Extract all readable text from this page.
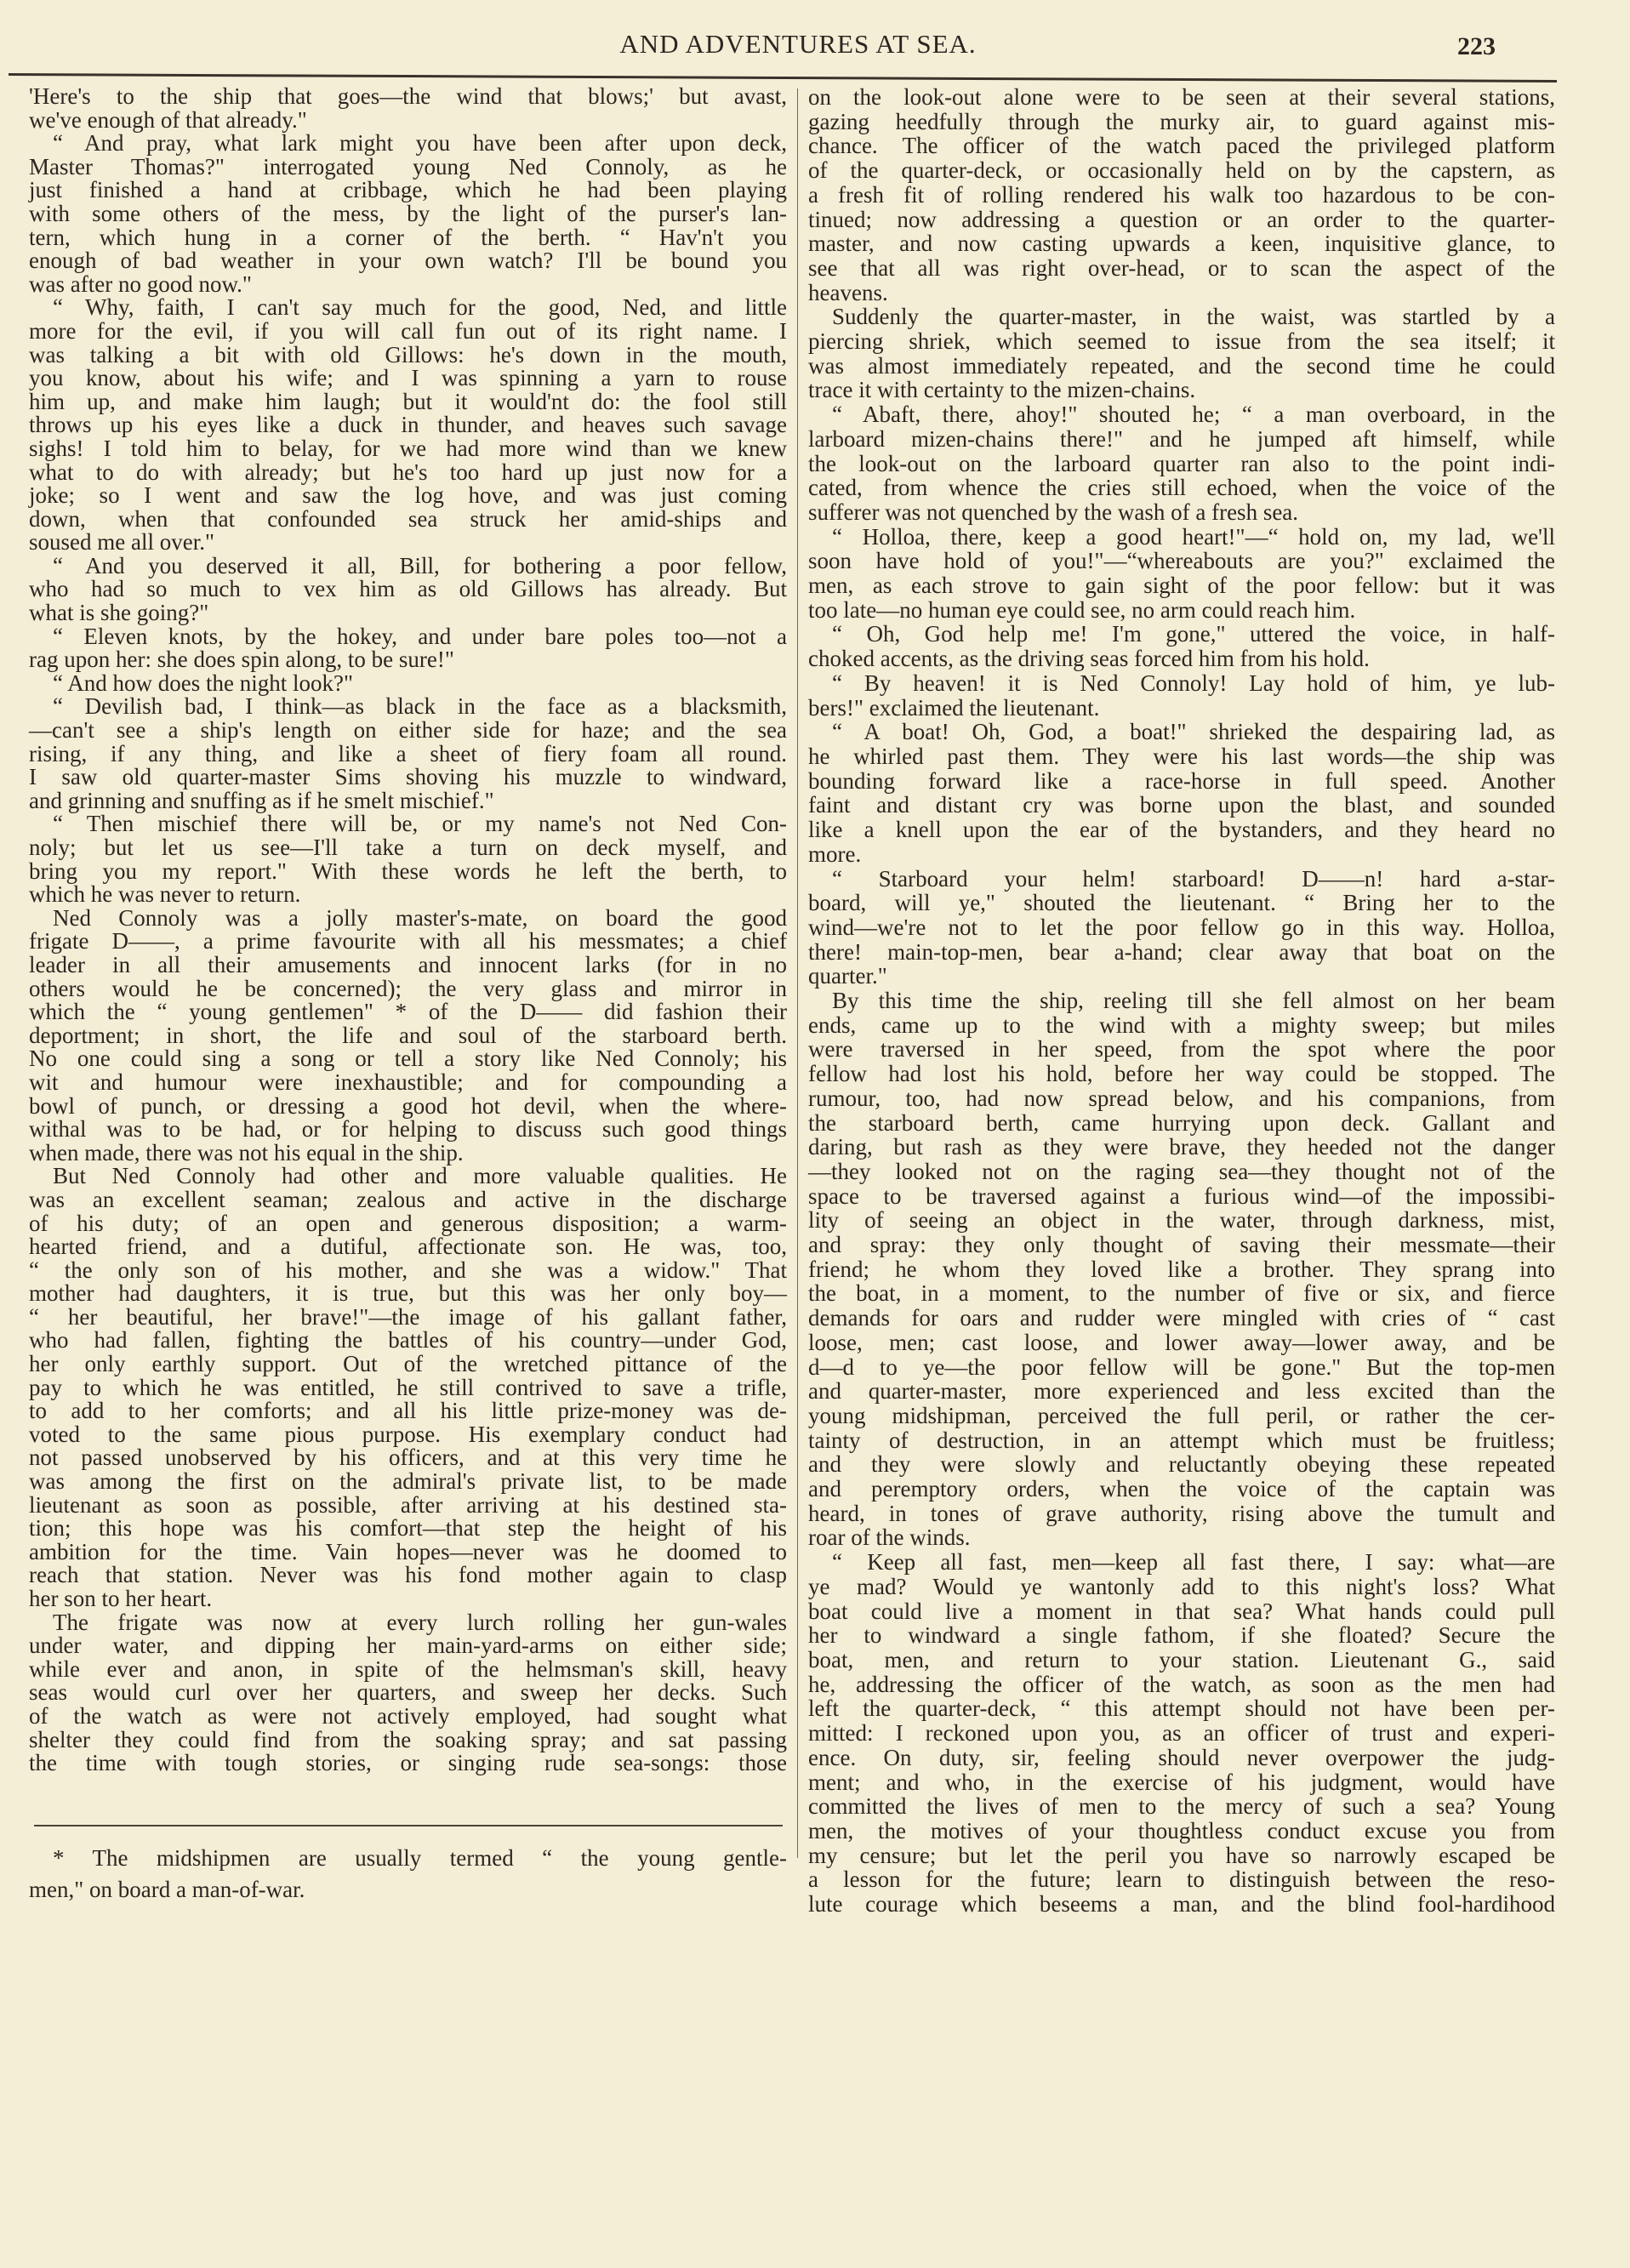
AND ADVENTURES AT SEA.	223
'Here's to the ship that goes—the wind that blows;' but avast,
we've enough of that already."
“ And pray, what lark might you have been after upon deck,
Master Thomas?" interrogated young Ned Connoly, as he
just finished a hand at cribbage, which he had been playing
with some others of the mess, by the light of the purser's lan-
tern, which hung in a corner of the berth. “ Hav'n't you
enough of bad weather in your own watch? I'll be bound you
was after no good now."
“ Why, faith, I can't say much for the good, Ned, and little
more for the evil, if you will call fun out of its right name. I
was talking a bit with old Gillows: he's down in the mouth,
you know, about his wife; and I was spinning a yarn to rouse
him up, and make him laugh; but it would'nt do: the fool still
throws up his eyes like a duck in thunder, and heaves such savage
sighs! I told him to belay, for we had more wind than we knew
what to do with already; but he's too hard up just now for a
joke; so I went and saw the log hove, and was just coming
down, when that confounded sea struck her amid-ships and
soused me all over."
“ And you deserved it all, Bill, for bothering a poor fellow,
who had so much to vex him as old Gillows has already. But
what is she going?"
“ Eleven knots, by the hokey, and under bare poles too—not a
rag upon her: she does spin along, to be sure!"
“ And how does the night look?"
“ Devilish bad, I think—as black in the face as a blacksmith,
—can't see a ship's length on either side for haze; and the sea
rising, if any thing, and like a sheet of fiery foam all round.
I saw old quarter-master Sims shoving his muzzle to windward,
and grinning and snuffing as if he smelt mischief."
“ Then mischief there will be, or my name's not Ned Con-
noly; but let us see—I'll take a turn on deck myself, and
bring you my report." With these words he left the berth, to
which he was never to return.
Ned Connoly was a jolly master's-mate, on board the good
frigate D——, a prime favourite with all his messmates; a chief
leader in all their amusements and innocent larks (for in no
others would he be concerned); the very glass and mirror in
which the “ young gentlemen" * of the D—— did fashion their
deportment; in short, the life and soul of the starboard berth.
No one could sing a song or tell a story like Ned Connoly; his
wit and humour were inexhaustible; and for compounding a
bowl of punch, or dressing a good hot devil, when the where-
withal was to be had, or for helping to discuss such good things
when made, there was not his equal in the ship.
But Ned Connoly had other and more valuable qualities. He
was an excellent seaman; zealous and active in the discharge
of his duty; of an open and generous disposition; a warm-
hearted friend, and a dutiful, affectionate son. He was, too,
“ the only son of his mother, and she was a widow." That
mother had daughters, it is true, but this was her only boy—
“ her beautiful, her brave!"—the image of his gallant father,
who had fallen, fighting the battles of his country—under God,
her only earthly support. Out of the wretched pittance of the
pay to which he was entitled, he still contrived to save a trifle,
to add to her comforts; and all his little prize-money was de-
voted to the same pious purpose. His exemplary conduct had
not passed unobserved by his officers, and at this very time he
was among the first on the admiral's private list, to be made
lieutenant as soon as possible, after arriving at his destined sta-
tion; this hope was his comfort—that step the height of his
ambition for the time. Vain hopes—never was he doomed to
reach that station. Never was his fond mother again to clasp
her son to her heart.
The frigate was now at every lurch rolling her gun-wales
under water, and dipping her main-yard-arms on either side;
while ever and anon, in spite of the helmsman's skill, heavy
seas would curl over her quarters, and sweep her decks. Such
of the watch as were not actively employed, had sought what
shelter they could find from the soaking spray; and sat passing
the time with tough stories, or singing rude sea-songs: those
on the look-out alone were to be seen at their several stations,
gazing heedfully through the murky air, to guard against mis-
chance. The officer of the watch paced the privileged platform
of the quarter-deck, or occasionally held on by the capstern, as
a fresh fit of rolling rendered his walk too hazardous to be con-
tinued; now addressing a question or an order to the quarter-
master, and now casting upwards a keen, inquisitive glance, to
see that all was right over-head, or to scan the aspect of the
heavens.
Suddenly the quarter-master, in the waist, was startled by a
piercing shriek, which seemed to issue from the sea itself; it
was almost immediately repeated, and the second time he could
trace it with certainty to the mizen-chains.
“ Abaft, there, ahoy!" shouted he; “ a man overboard, in the
larboard mizen-chains there!" and he jumped aft himself, while
the look-out on the larboard quarter ran also to the point indi-
cated, from whence the cries still echoed, when the voice of the
sufferer was not quenched by the wash of a fresh sea.
“ Holloa, there, keep a good heart!"—“ hold on, my lad, we'll
soon have hold of you!"—“whereabouts are you?" exclaimed the
men, as each strove to gain sight of the poor fellow: but it was
too late—no human eye could see, no arm could reach him.
“ Oh, God help me! I'm gone," uttered the voice, in half-
choked accents, as the driving seas forced him from his hold.
“ By heaven! it is Ned Connoly! Lay hold of him, ye lub-
bers!" exclaimed the lieutenant.
“ A boat! Oh, God, a boat!" shrieked the despairing lad, as
he whirled past them. They were his last words—the ship was
bounding forward like a race-horse in full speed. Another
faint and distant cry was borne upon the blast, and sounded
like a knell upon the ear of the bystanders, and they heard no
more.
“ Starboard your helm! starboard! D——n! hard a-star-
board, will ye," shouted the lieutenant. “ Bring her to the
wind—we're not to let the poor fellow go in this way. Holloa,
there! main-top-men, bear a-hand; clear away that boat on the
quarter."
By this time the ship, reeling till she fell almost on her beam
ends, came up to the wind with a mighty sweep; but miles
were traversed in her speed, from the spot where the poor
fellow had lost his hold, before her way could be stopped. The
rumour, too, had now spread below, and his companions, from
the starboard berth, came hurrying upon deck. Gallant and
daring, but rash as they were brave, they heeded not the danger
—they looked not on the raging sea—they thought not of the
space to be traversed against a furious wind—of the impossibi-
lity of seeing an object in the water, through darkness, mist,
and spray: they only thought of saving their messmate—their
friend; he whom they loved like a brother. They sprang into
the boat, in a moment, to the number of five or six, and fierce
demands for oars and rudder were mingled with cries of “ cast
loose, men; cast loose, and lower away—lower away, and be
d—d to ye—the poor fellow will be gone." But the top-men
and quarter-master, more experienced and less excited than the
young midshipman, perceived the full peril, or rather the cer-
tainty of destruction, in an attempt which must be fruitless;
and they were slowly and reluctantly obeying these repeated
and peremptory orders, when the voice of the captain was
heard, in tones of grave authority, rising above the tumult and
roar of the winds.
“ Keep all fast, men—keep all fast there, I say: what—are
ye mad? Would ye wantonly add to this night's loss? What
boat could live a moment in that sea? What hands could pull
her to windward a single fathom, if she floated? Secure the
boat, men, and return to your station. Lieutenant G., said
he, addressing the officer of the watch, as soon as the men had
left the quarter-deck, “ this attempt should not have been per-
mitted: I reckoned upon you, as an officer of trust and experi-
ence. On duty, sir, feeling should never overpower the judg-
ment; and who, in the exercise of his judgment, would have
committed the lives of men to the mercy of such a sea? Young
men, the motives of your thoughtless conduct excuse you from
my censure; but let the peril you have so narrowly escaped be
a lesson for the future; learn to distinguish between the reso-
lute courage which beseems a man, and the blind fool-hardihood
* The midshipmen are usually termed “ the young gentle-
men," on board a man-of-war.
